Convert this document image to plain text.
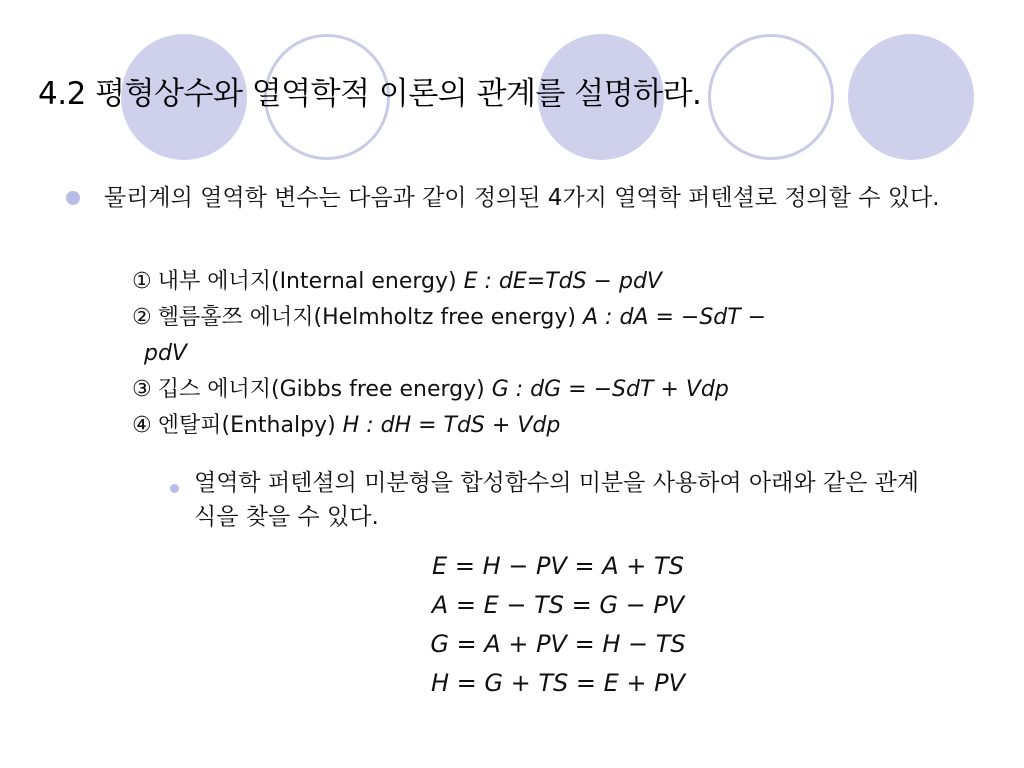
4.2 평형상수와 열역학적 이론의 관계를 설명하라.
물리계의 열역학 변수는 다음과 같이 정의된 4가지 열역학 퍼텐셜로 정의할 수 있다.
① 내부 에너지(Internal energy) E : dE=TdS − pdV
② 헬름홀쯔 에너지(Helmholtz free energy) A : dA = −SdT −
pdV
③ 깁스 에너지(Gibbs free energy) G : dG = −SdT + Vdp
④ 엔탈피(Enthalpy) H : dH = TdS + Vdp
열역학 퍼텐셜의 미분형을 합성함수의 미분을 사용하여 아래와 같은 관계식을 찾을 수 있다.
E = H − PV = A + TS
A = E − TS = G − PV
G = A + PV = H − TS
H = G + TS = E + PV
